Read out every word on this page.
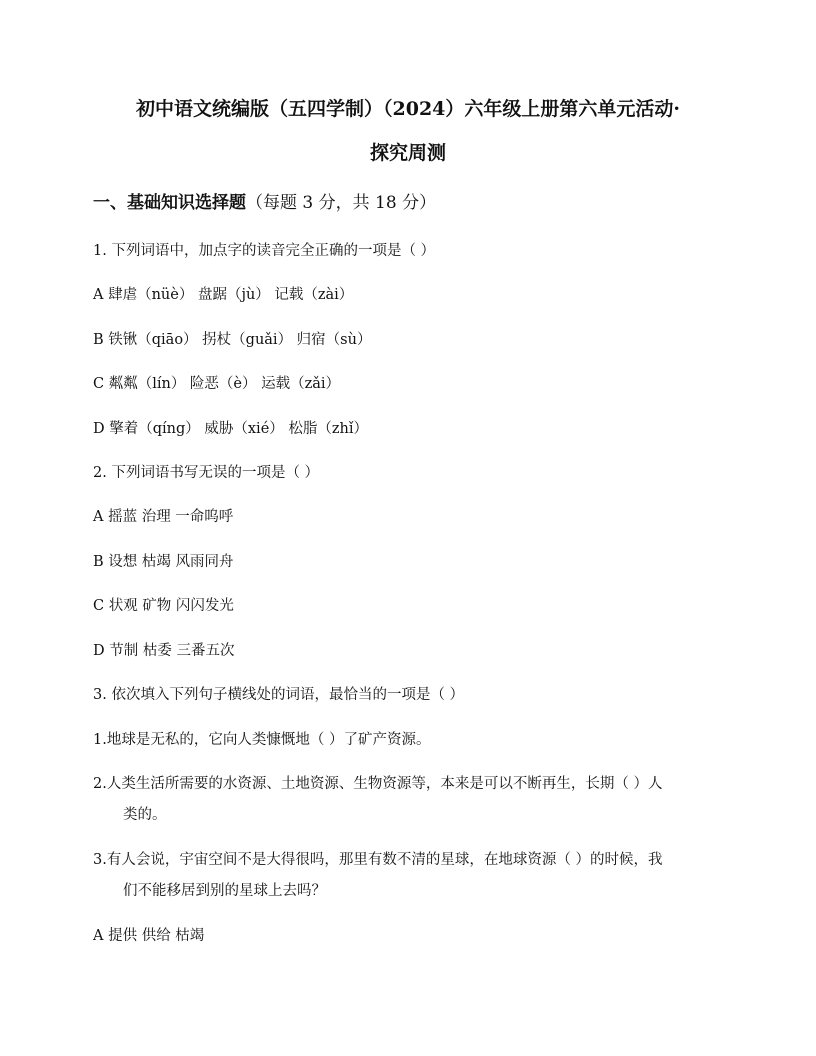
初中语文统编版（五四学制）（2024）六年级上册第六单元活动·
探究周测
一、基础知识选择题（每题 3 分，共 18 分）
1. 下列词语中，加点字的读音完全正确的一项是（ ）
A 肆虐（nüè） 盘踞（jù） 记载（zài）
B 铁锹（qiāo） 拐杖（guǎi） 归宿（sù）
C 粼粼（lín） 险恶（è） 运载（zǎi）
D 擎着（qíng） 威胁（xié） 松脂（zhǐ）
2. 下列词语书写无误的一项是（ ）
A 摇蓝 治理 一命呜呼
B 设想 枯竭 风雨同舟
C 状观 矿物 闪闪发光
D 节制 枯委 三番五次
3. 依次填入下列句子横线处的词语，最恰当的一项是（ ）
1.地球是无私的，它向人类慷慨地（ ）了矿产资源。
2.人类生活所需要的水资源、土地资源、生物资源等，本来是可以不断再生，长期（ ）人
类的。
3.有人会说，宇宙空间不是大得很吗，那里有数不清的星球，在地球资源（ ）的时候，我
们不能移居到别的星球上去吗？
A 提供 供给 枯竭
